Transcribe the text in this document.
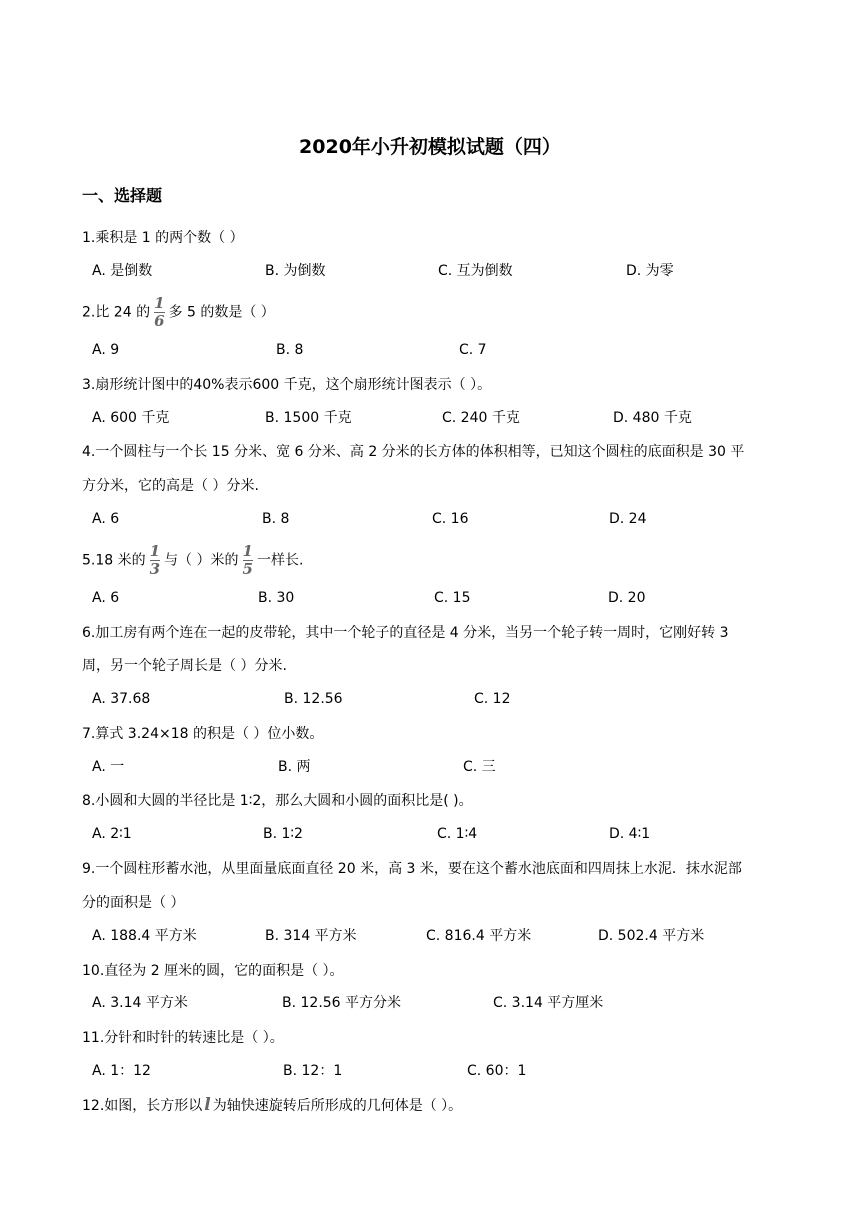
2020年小升初模拟试题（四）
一、选择题
1.乘积是 1 的两个数（ ）
A. 是倒数	B. 为倒数	C. 互为倒数	D. 为零
2.比 24 的 $\frac{1}{6}$ 多 5 的数是（ ）
A. 9	B. 8	C. 7
3.扇形统计图中的40%表示600 千克，这个扇形统计图表示（ ）。
A. 600 千克	B. 1500 千克	C. 240 千克	D. 480 千克
4.一个圆柱与一个长 15 分米、宽 6 分米、高 2 分米的长方体的体积相等，已知这个圆柱的底面积是 30 平
方分米，它的高是（ ）分米.
A. 6	B. 8	C. 16	D. 24
5.18 米的 $\frac{1}{3}$ 与（ ）米的 $\frac{1}{5}$ 一样长.
A. 6	B. 30	C. 15	D. 20
6.加工房有两个连在一起的皮带轮，其中一个轮子的直径是 4 分米，当另一个轮子转一周时，它刚好转 3
周，另一个轮子周长是（ ）分米.
A. 37.68	B. 12.56	C. 12
7.算式 3.24×18 的积是（ ）位小数。
A. 一	B. 两	C. 三
8.小圆和大圆的半径比是 1∶2，那么大圆和小圆的面积比是( )。
A. 2∶1	B. 1∶2	C. 1∶4	D. 4∶1
9.一个圆柱形蓄水池，从里面量底面直径 20 米，高 3 米，要在这个蓄水池底面和四周抹上水泥．抹水泥部
分的面积是（ ）
A. 188.4 平方米	B. 314 平方米	C. 816.4 平方米	D. 502.4 平方米
10.直径为 2 厘米的圆，它的面积是（ ）。
A. 3.14 平方米	B. 12.56 平方分米	C. 3.14 平方厘米
11.分针和时针的转速比是（ ）。
A. 1：12	B. 12：1	C. 60：1
12.如图，长方形以 l 为轴快速旋转后所形成的几何体是（ ）。
